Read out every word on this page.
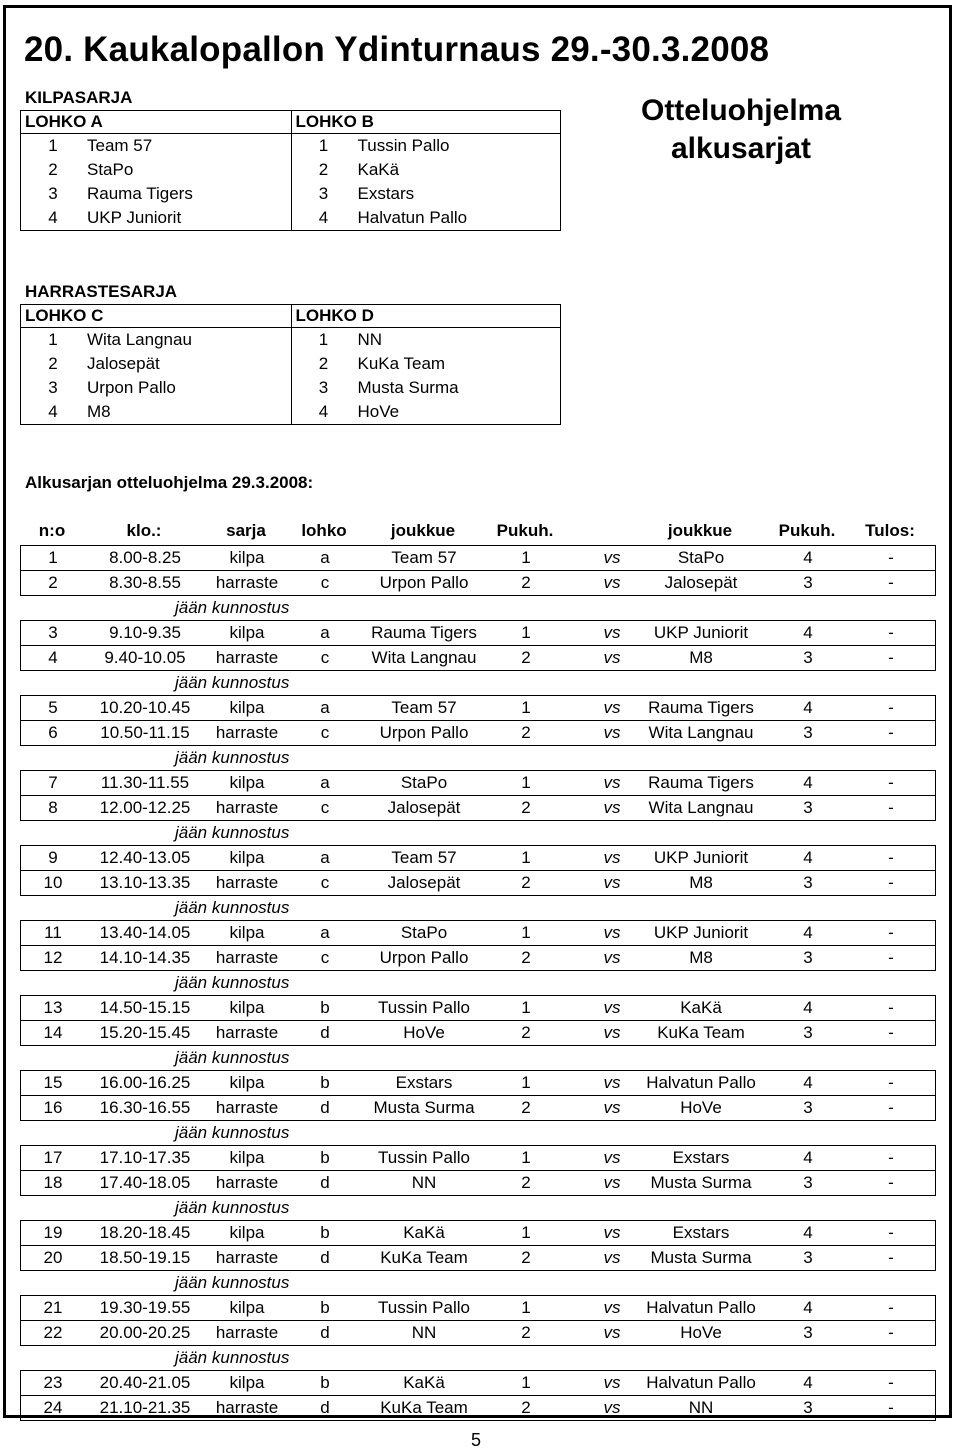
20. Kaukalopallon Ydinturnaus 29.-30.3.2008
Otteluohjelma
alkusarjat
KILPASARJA
LOHKO A
1	Team 57
2	StaPo
3	Rauma Tigers
4	UKP Juniorit
LOHKO B
1	Tussin Pallo
2	KaKä
3	Exstars
4	Halvatun Pallo
HARRASTESARJA
LOHKO C
1	Wita Langnau
2	Jalosepät
3	Urpon Pallo
4	M8
LOHKO D
1	NN
2	KuKa Team
3	Musta Surma
4	HoVe
Alkusarjan otteluohjelma 29.3.2008:
n:o	klo.:	sarja lohko	joukkue Pukuh.	joukkue	Pukuh. Tulos:
1	8.00-8.25	kilpa	a	Team 57	1	vs	StaPo	4	-
2	8.30-8.55 harraste	c	Urpon Pallo	2	vs	Jalosepät	3	-
jään kunnostus
3	9.10-9.35	kilpa	a Rauma Tigers	1	vs UKP Juniorit	4	-
4	9.40-10.05 harraste	c Wita Langnau	2	vs	M8	3	-
jään kunnostus
5 10.20-10.45 kilpa	a	Team 57	1	vs Rauma Tigers	4	-
6	10.50-11.15 harraste	c	Urpon Pallo	2	vs Wita Langnau	3	-
jään kunnostus
7	11.30-11.55 kilpa	a	StaPo	1	vs Rauma Tigers	4	-
8 12.00-12.25 harraste	c	Jalosepät	2	vs Wita Langnau	3	-
jään kunnostus
9 12.40-13.05 kilpa	a	Team 57	1	vs UKP Juniorit	4	-
10 13.10-13.35 harraste	c	Jalosepät	2	vs	M8	3	-
jään kunnostus
11 13.40-14.05 kilpa	a	StaPo	1	vs UKP Juniorit	4	-
12 14.10-14.35 harraste	c	Urpon Pallo	2	vs	M8	3	-
jään kunnostus
13 14.50-15.15 kilpa	b	Tussin Pallo	1	vs	KaKä	4	-
14 15.20-15.45 harraste d	HoVe	2	vs KuKa Team	3	-
jään kunnostus
15 16.00-16.25 kilpa	b	Exstars	1	vs Halvatun Pallo	4	-
16 16.30-16.55 harraste d	Musta Surma	2	vs	HoVe	3	-
jään kunnostus
17 17.10-17.35 kilpa	b	Tussin Pallo	1	vs	Exstars	4	-
18 17.40-18.05 harraste d	NN	2	vs Musta Surma	3	-
jään kunnostus
19 18.20-18.45 kilpa	b	KaKä	1	vs	Exstars	4	-
20 18.50-19.15 harraste d	KuKa Team	2	vs Musta Surma	3	-
jään kunnostus
21 19.30-19.55 kilpa	b	Tussin Pallo	1	vs Halvatun Pallo	4	-
22 20.00-20.25 harraste d	NN	2	vs	HoVe	3	-
jään kunnostus
23 20.40-21.05 kilpa	b	KaKä	1	vs Halvatun Pallo	4	-
24 21.10-21.35 harraste d	KuKa Team	2	vs	NN	3	-
5
